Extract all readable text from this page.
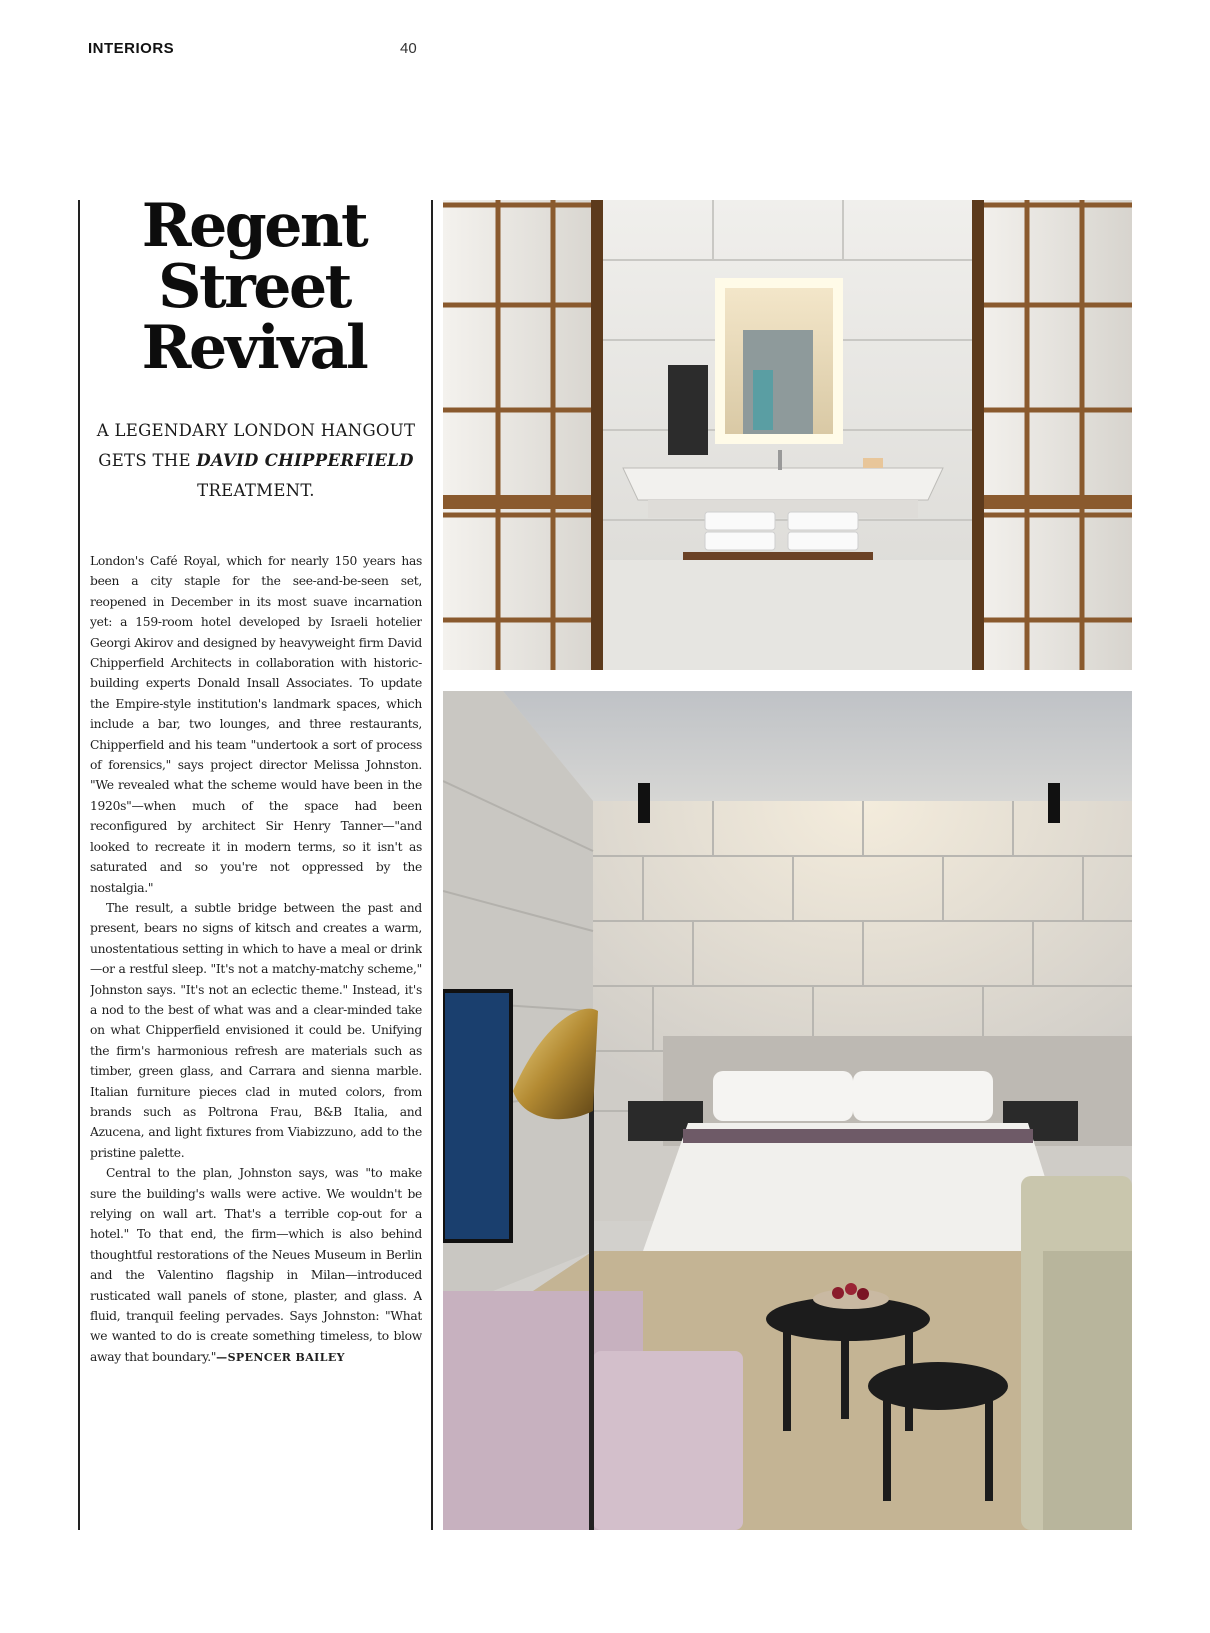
INTERIORS	40
Regent
Street
Revival

A LEGENDARY LONDON HANGOUT GETS THE DAVID CHIPPERFIELD TREATMENT.

London's Café Royal, which for nearly 150 years has been a city staple for the see-and-be-seen set, reopened in December in its most suave incarnation yet: a 159-room hotel developed by Israeli hotelier Georgi Akirov and designed by heavyweight firm David Chipperfield Architects in collaboration with historic-building experts Donald Insall Associates. To update the Empire-style institution's landmark spaces, which include a bar, two lounges, and three restaurants, Chipperfield and his team "undertook a sort of process of forensics," says project director Melissa Johnston. "We revealed what the scheme would have been in the 1920s"—when much of the space had been reconfigured by architect Sir Henry Tanner—"and looked to recreate it in modern terms, so it isn't as saturated and so you're not oppressed by the nostalgia."

The result, a subtle bridge between the past and present, bears no signs of kitsch and creates a warm, unostentatious setting in which to have a meal or drink—or a restful sleep. "It's not a matchy-matchy scheme," Johnston says. "It's not an eclectic theme." Instead, it's a nod to the best of what was and a clear-minded take on what Chipperfield envisioned it could be. Unifying the firm's harmonious refresh are materials such as timber, green glass, and Carrara and sienna marble. Italian furniture pieces clad in muted colors, from brands such as Poltrona Frau, B&B Italia, and Azucena, and light fixtures from Viabizzuno, add to the pristine palette.

Central to the plan, Johnston says, was "to make sure the building's walls were active. We wouldn't be relying on wall art. That's a terrible cop-out for a hotel." To that end, the firm—which is also behind thoughtful restorations of the Neues Museum in Berlin and the Valentino flagship in Milan—introduced rusticated wall panels of stone, plaster, and glass. A fluid, tranquil feeling pervades. Says Johnston: "What we wanted to do is create something timeless, to blow away that boundary."—SPENCER BAILEY
